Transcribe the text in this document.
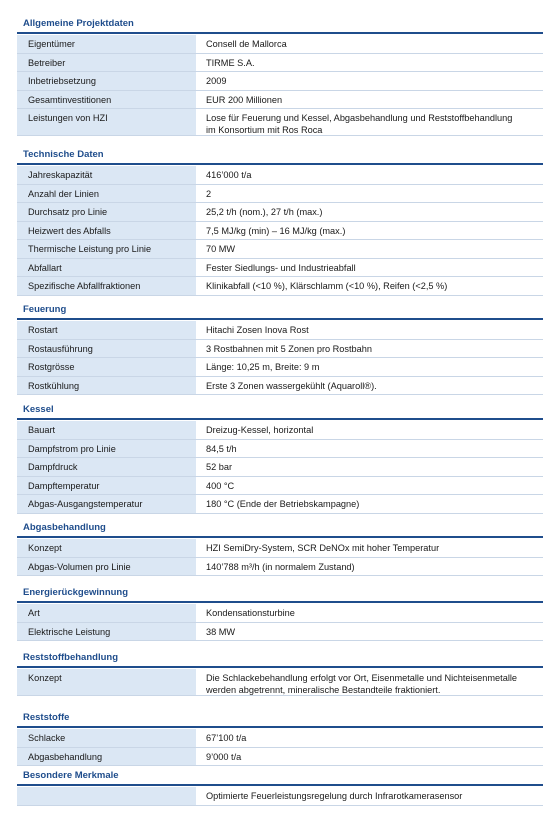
Allgemeine Projektdaten
Eigentümer	Consell de Mallorca
Betreiber	TIRME S.A.
Inbetriebsetzung	2009
Gesamtinvestitionen	EUR 200 Millionen
Leistungen von HZI	Lose für Feuerung und Kessel, Abgasbehandlung und Reststoffbehandlung
im Konsortium mit Ros Roca
Technische Daten
Jahreskapazität	416’000 t/a
Anzahl der Linien	2
Durchsatz pro Linie	25,2 t/h (nom.), 27 t/h (max.)
Heizwert des Abfalls	7,5 MJ/kg (min) – 16 MJ/kg (max.)
Thermische Leistung pro Linie	70 MW
Abfallart	Fester Siedlungs- und Industrieabfall
Spezifische Abfallfraktionen	Klinikabfall (<10 %), Klärschlamm (<10 %), Reifen (<2,5 %)
Feuerung
Rostart	Hitachi Zosen Inova Rost
Rostausführung	3 Rostbahnen mit 5 Zonen pro Rostbahn
Rostgrösse	Länge: 10,25 m, Breite: 9 m
Rostkühlung	Erste 3 Zonen wassergekühlt (Aquaroll®).
Kessel
Bauart	Dreizug-Kessel, horizontal
Dampfstrom pro Linie	84,5 t/h
Dampfdruck	52 bar
Dampftemperatur	400 °C
Abgas-Ausgangstemperatur	180 °C (Ende der Betriebskampagne)
Abgasbehandlung
Konzept	HZI SemiDry-System, SCR DeNOx mit hoher Temperatur
Abgas-Volumen pro Linie	140’788 m³/h (in normalem Zustand)
Energierückgewinnung
Art	Kondensationsturbine
Elektrische Leistung	38 MW
Reststoffbehandlung
Konzept	Die Schlackebehandlung erfolgt vor Ort, Eisenmetalle und Nichteisenmetalle
werden abgetrennt, mineralische Bestandteile fraktioniert.
Reststoffe
Schlacke	67’100 t/a
Abgasbehandlung	9’000 t/a
Besondere Merkmale
Optimierte Feuerleistungsregelung durch Infrarotkamerasensor
